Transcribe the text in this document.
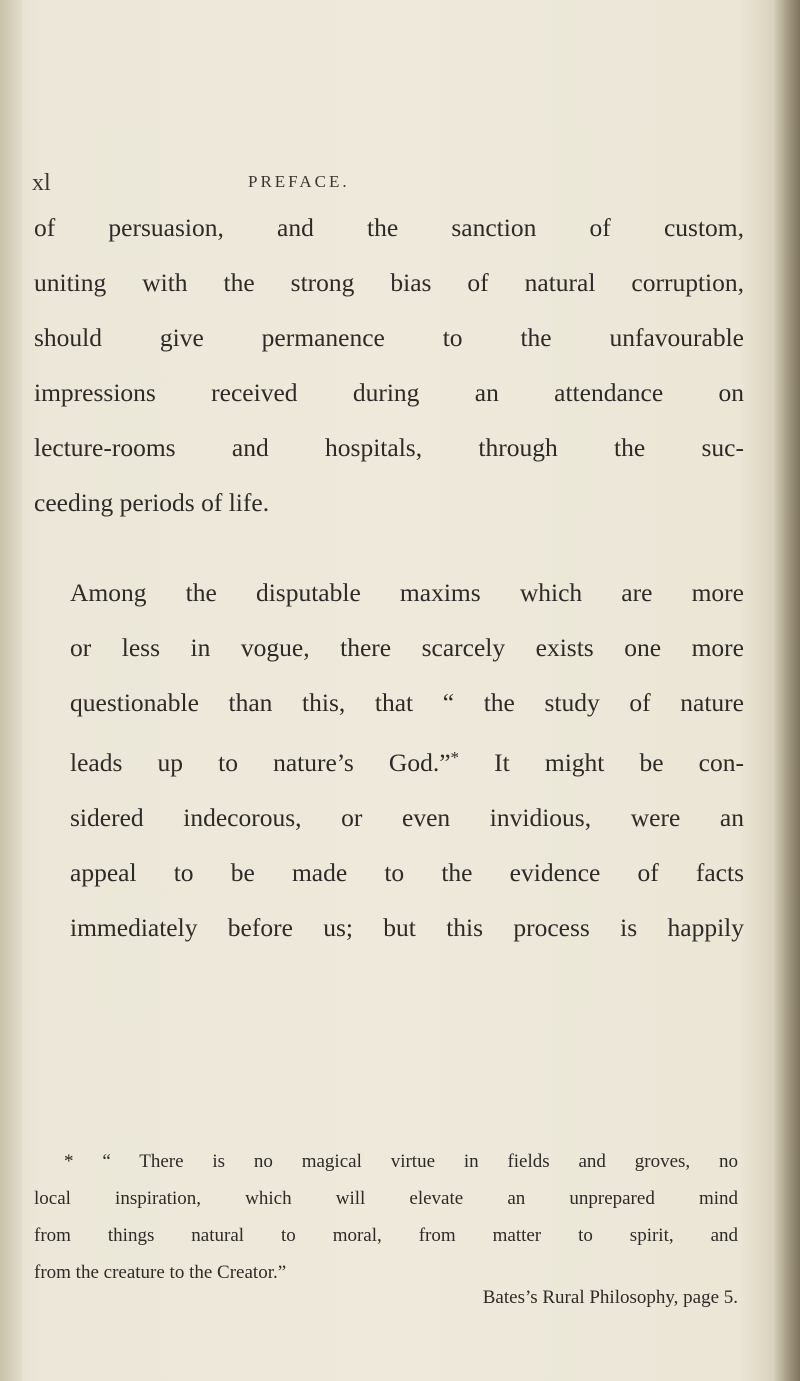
xl	PREFACE.
of persuasion, and the sanction of custom,
uniting with the strong bias of natural corruption,
should give permanence to the unfavourable
impressions received during an attendance on
lecture-rooms and hospitals, through the suc-
ceeding periods of life.
Among the disputable maxims which are more
or less in vogue, there scarcely exists one more
questionable than this, that “ the study of nature
leads up to nature’s God.”* It might be con-
sidered indecorous, or even invidious, were an
appeal to be made to the evidence of facts
immediately before us; but this process is happily
* “ There is no magical virtue in fields and groves, no
local inspiration, which will elevate an unprepared mind
from things natural to moral, from matter to spirit, and
from the creature to the Creator.”
Bates’s Rural Philosophy, page 5.
